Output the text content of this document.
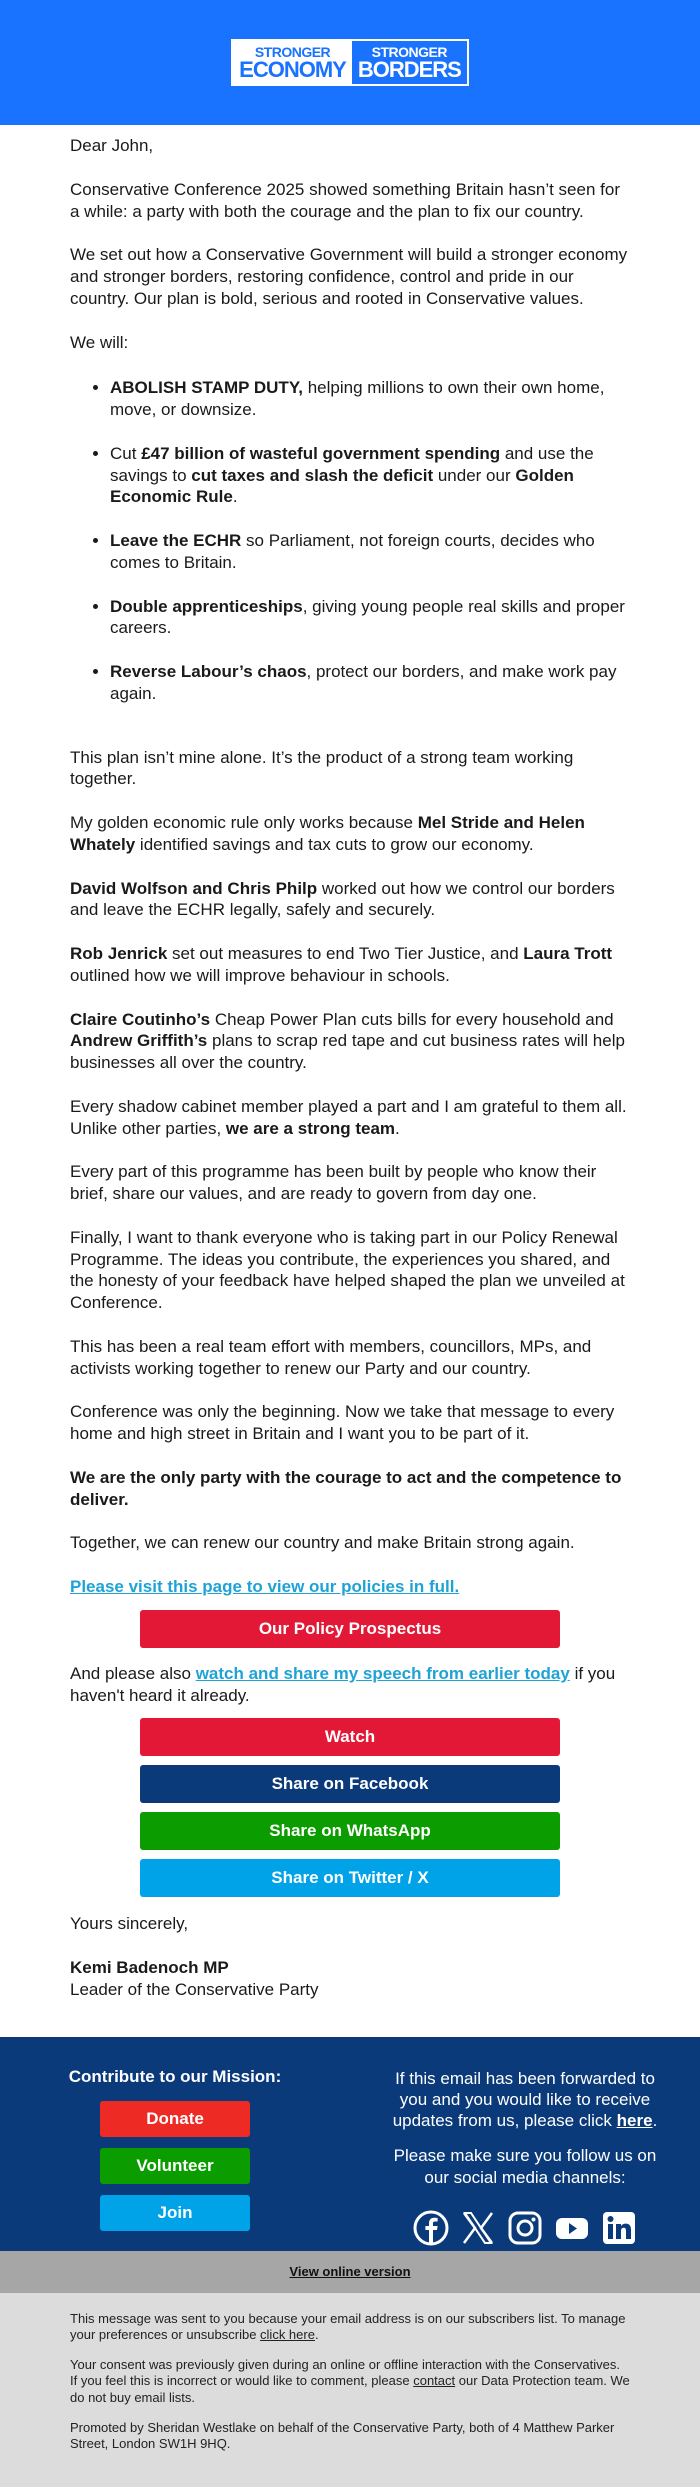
STRONGER
ECONOMY
STRONGER
BORDERS

Dear John,

Conservative Conference 2025 showed something Britain hasn’t seen for a while: a party with both the courage and the plan to fix our country.

We set out how a Conservative Government will build a stronger economy and stronger borders, restoring confidence, control and pride in our country. Our plan is bold, serious and rooted in Conservative values.

We will:

• ABOLISH STAMP DUTY, helping millions to own their own home, move, or downsize.
• Cut £47 billion of wasteful government spending and use the savings to cut taxes and slash the deficit under our Golden Economic Rule.
• Leave the ECHR so Parliament, not foreign courts, decides who comes to Britain.
• Double apprenticeships, giving young people real skills and proper careers.
• Reverse Labour’s chaos, protect our borders, and make work pay again.

This plan isn’t mine alone. It’s the product of a strong team working together.

My golden economic rule only works because Mel Stride and Helen Whately identified savings and tax cuts to grow our economy.

David Wolfson and Chris Philp worked out how we control our borders and leave the ECHR legally, safely and securely.

Rob Jenrick set out measures to end Two Tier Justice, and Laura Trott outlined how we will improve behaviour in schools.

Claire Coutinho’s Cheap Power Plan cuts bills for every household and Andrew Griffith’s plans to scrap red tape and cut business rates will help businesses all over the country.

Every shadow cabinet member played a part and I am grateful to them all. Unlike other parties, we are a strong team.

Every part of this programme has been built by people who know their brief, share our values, and are ready to govern from day one.

Finally, I want to thank everyone who is taking part in our Policy Renewal Programme. The ideas you contribute, the experiences you shared, and the honesty of your feedback have helped shaped the plan we unveiled at Conference.

This has been a real team effort with members, councillors, MPs, and activists working together to renew our Party and our country.

Conference was only the beginning. Now we take that message to every home and high street in Britain and I want you to be part of it.

We are the only party with the courage to act and the competence to deliver.

Together, we can renew our country and make Britain strong again.

Please visit this page to view our policies in full.

Our Policy Prospectus

And please also watch and share my speech from earlier today if you haven't heard it already.

Watch
Share on Facebook
Share on WhatsApp
Share on Twitter / X

Yours sincerely,

Kemi Badenoch MP
Leader of the Conservative Party
Contribute to our Mission:
Donate
Volunteer
Join
If this email has been forwarded to you and you would like to receive updates from us, please click here.
Please make sure you follow us on our social media channels:
View online version

This message was sent to you because your email address is on our subscribers list. To manage your preferences or unsubscribe click here.

Your consent was previously given during an online or offline interaction with the Conservatives. If you feel this is incorrect or would like to comment, please contact our Data Protection team. We do not buy email lists.

Promoted by Sheridan Westlake on behalf of the Conservative Party, both of 4 Matthew Parker Street, London SW1H 9HQ.
